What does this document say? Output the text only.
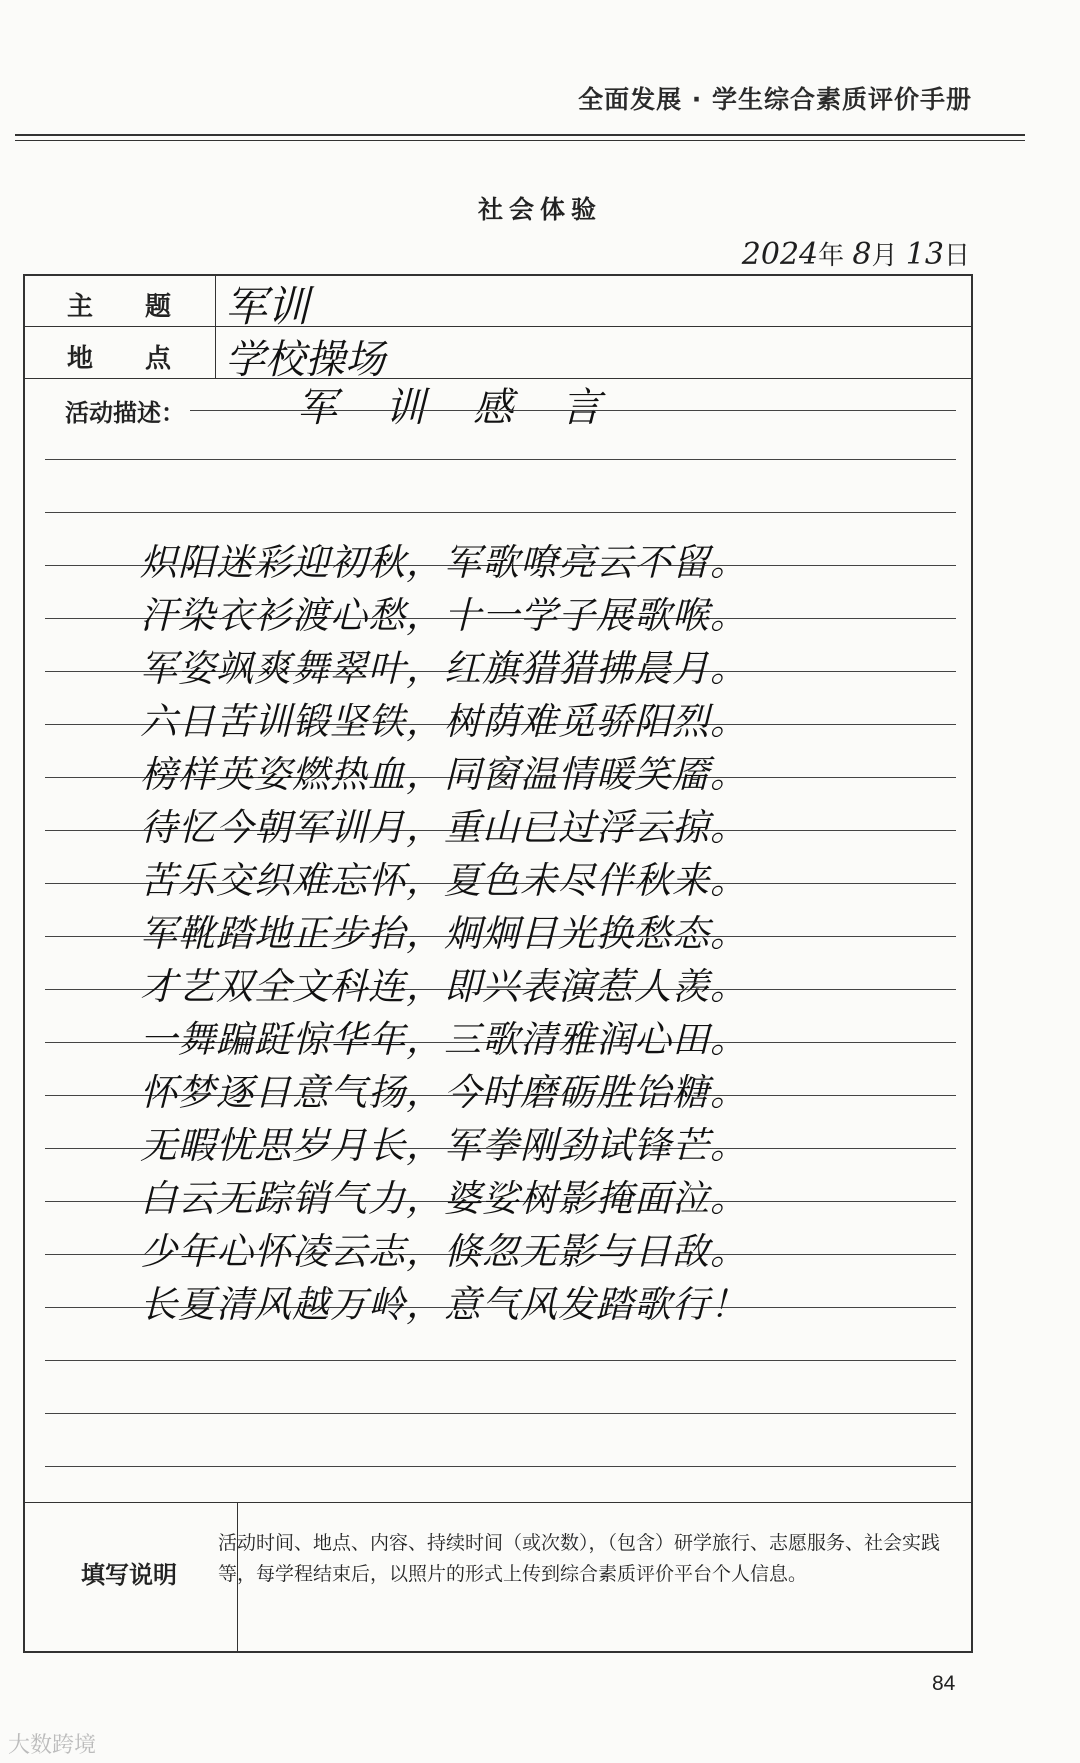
全面发展 · 学生综合素质评价手册
社会体验
2024年 8月 13日
主　　题 军训
地　　点 学校操场
活动描述：	军　训　感　言
炽阳迷彩迎初秋，军歌嘹亮云不留。
汗染衣衫渡心愁，十一学子展歌喉。
军姿飒爽舞翠叶，红旗猎猎拂晨月。
六日苦训锻坚铁，树荫难觅骄阳烈。
榜样英姿燃热血，同窗温情暖笑靥。
待忆今朝军训月，重山已过浮云掠。
苦乐交织难忘怀，夏色未尽伴秋来。
军靴踏地正步抬，炯炯目光换愁态。
才艺双全文科连，即兴表演惹人羡。
一舞蹁跹惊华年，三歌清雅润心田。
怀梦逐日意气扬，今时磨砺胜饴糖。
无暇忧思岁月长，军拳刚劲试锋芒。
白云无踪销气力，婆娑树影掩面泣。
少年心怀凌云志，倏忽无影与日敌。
长夏清风越万岭，意气风发踏歌行！
填写说明
活动时间、地点、内容、持续时间（或次数），（包含）研学旅行、志愿服务、社会实践等，每学程结束后，以照片的形式上传到综合素质评价平台个人信息。
84
大数跨境
